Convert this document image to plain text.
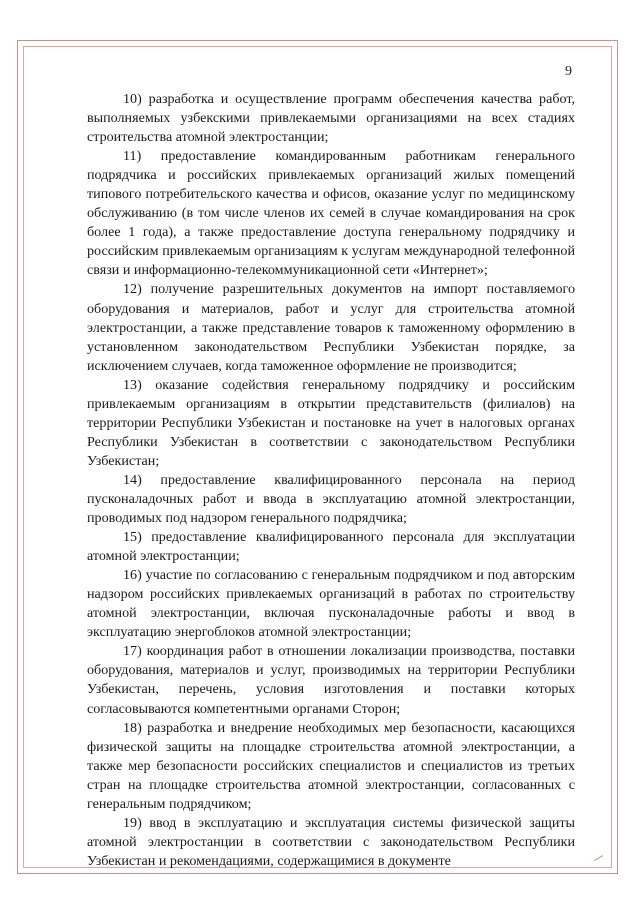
9

10) разработка и осуществление программ обеспечения качества работ, выполняемых узбекскими привлекаемыми организациями на всех стадиях строительства атомной электростанции;

11) предоставление командированным работникам генерального подрядчика и российских привлекаемых организаций жилых помещений типового потребительского качества и офисов, оказание услуг по медицинскому обслуживанию (в том числе членов их семей в случае командирования на срок более 1 года), а также предоставление доступа генеральному подрядчику и российским привлекаемым организациям к услугам международной телефонной связи и информационно-телекоммуникационной сети «Интернет»;

12) получение разрешительных документов на импорт поставляемого оборудования и материалов, работ и услуг для строительства атомной электростанции, а также представление товаров к таможенному оформлению в установленном законодательством Республики Узбекистан порядке, за исключением случаев, когда таможенное оформление не производится;

13) оказание содействия генеральному подрядчику и российским привлекаемым организациям в открытии представительств (филиалов) на территории Республики Узбекистан и постановке на учет в налоговых органах Республики Узбекистан в соответствии с законодательством Республики Узбекистан;

14) предоставление квалифицированного персонала на период пусконаладочных работ и ввода в эксплуатацию атомной электростанции, проводимых под надзором генерального подрядчика;

15) предоставление квалифицированного персонала для эксплуатации атомной электростанции;

16) участие по согласованию с генеральным подрядчиком и под авторским надзором российских привлекаемых организаций в работах по строительству атомной электростанции, включая пусконаладочные работы и ввод в эксплуатацию энергоблоков атомной электростанции;

17) координация работ в отношении локализации производства, поставки оборудования, материалов и услуг, производимых на территории Республики Узбекистан, перечень, условия изготовления и поставки которых согласовываются компетентными органами Сторон;

18) разработка и внедрение необходимых мер безопасности, касающихся физической защиты на площадке строительства атомной электростанции, а также мер безопасности российских специалистов и специалистов из третьих стран на площадке строительства атомной электростанции, согласованных с генеральным подрядчиком;

19) ввод в эксплуатацию и эксплуатация системы физической защиты атомной электростанции в соответствии с законодательством Республики Узбекистан и рекомендациями, содержащимися в документе
